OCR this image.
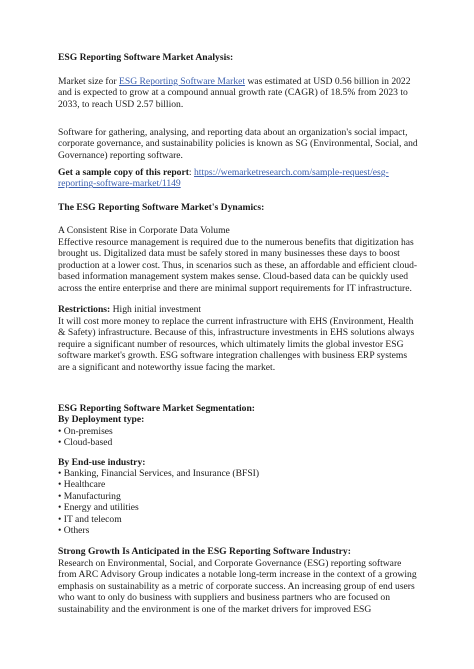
ESG Reporting Software Market Analysis:

Market size for ESG Reporting Software Market was estimated at USD 0.56 billion in 2022 and is expected to grow at a compound annual growth rate (CAGR) of 18.5% from 2023 to 2033, to reach USD 2.57 billion.

Software for gathering, analysing, and reporting data about an organization's social impact, corporate governance, and sustainability policies is known as SG (Environmental, Social, and Governance) reporting software.

Get a sample copy of this report: https://wemarketresearch.com/sample-request/esg-reporting-software-market/1149

The ESG Reporting Software Market's Dynamics:

A Consistent Rise in Corporate Data Volume

Effective resource management is required due to the numerous benefits that digitization has brought us. Digitalized data must be safely stored in many businesses these days to boost production at a lower cost. Thus, in scenarios such as these, an affordable and efficient cloud-based information management system makes sense. Cloud-based data can be quickly used across the entire enterprise and there are minimal support requirements for IT infrastructure.

Restrictions: High initial investment

It will cost more money to replace the current infrastructure with EHS (Environment, Health & Safety) infrastructure. Because of this, infrastructure investments in EHS solutions always require a significant number of resources, which ultimately limits the global investor ESG software market's growth. ESG software integration challenges with business ERP systems are a significant and noteworthy issue facing the market.

ESG Reporting Software Market Segmentation:

By Deployment type:

• On-premises
• Cloud-based

By End-use industry:

• Banking, Financial Services, and Insurance (BFSI)
• Healthcare
• Manufacturing
• Energy and utilities
• IT and telecom
• Others

Strong Growth Is Anticipated in the ESG Reporting Software Industry:

Research on Environmental, Social, and Corporate Governance (ESG) reporting software from ARC Advisory Group indicates a notable long-term increase in the context of a growing emphasis on sustainability as a metric of corporate success. An increasing group of end users who want to only do business with suppliers and business partners who are focused on sustainability and the environment is one of the market drivers for improved ESG
